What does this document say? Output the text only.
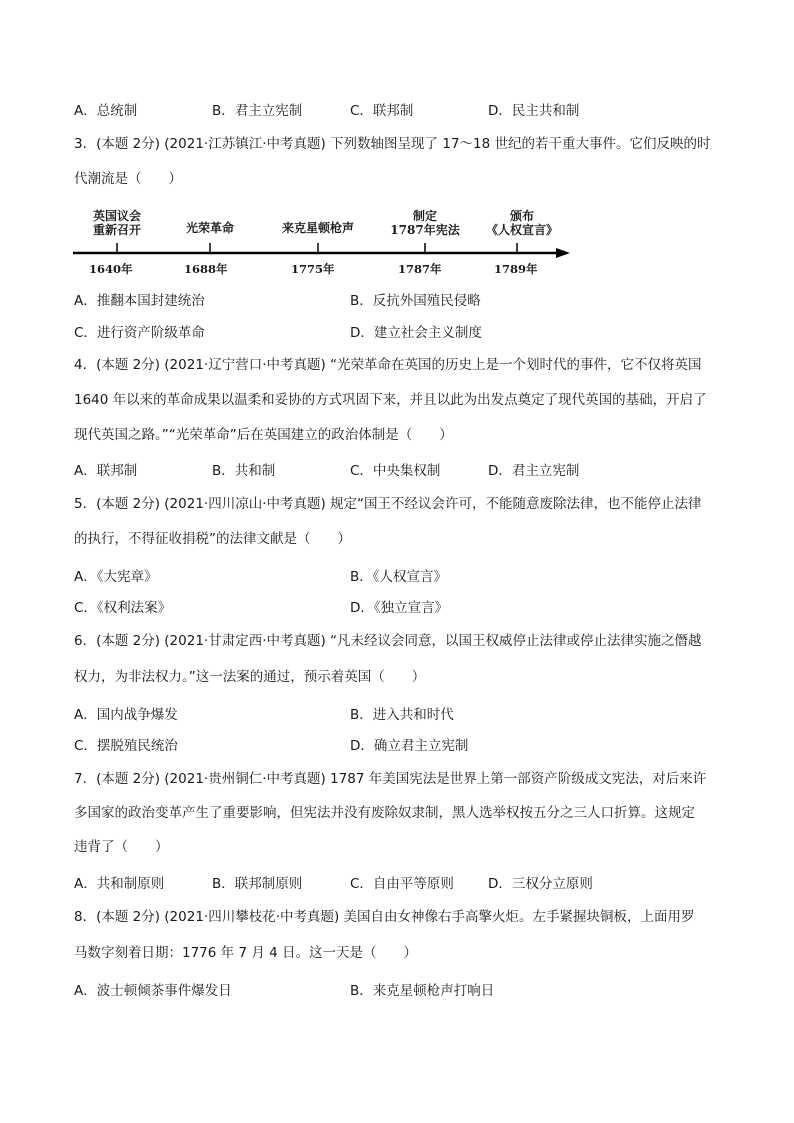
A．总统制	B．君主立宪制	C．联邦制	D．民主共和制
3．(本题 2分) (2021·江苏镇江·中考真题) 下列数轴图呈现了 17～18 世纪的若干重大事件。它们反映的时
代潮流是（　　）
英国议会
重新召开	光荣革命	来克星顿枪声
制定
1787年宪法
颁布
《人权宣言》
1640年	1688年	1775年	1787年	1789年
A．推翻本国封建统治	B．反抗外国殖民侵略
C．进行资产阶级革命	D．建立社会主义制度
4．(本题 2分) (2021·辽宁营口·中考真题) “光荣革命在英国的历史上是一个划时代的事件，它不仅将英国
1640 年以来的革命成果以温柔和妥协的方式巩固下来，并且以此为出发点奠定了现代英国的基础，开启了
现代英国之路。”“光荣革命”后在英国建立的政治体制是（　　）
A．联邦制	B．共和制	C．中央集权制	D．君主立宪制
5．(本题 2分) (2021·四川凉山·中考真题) 规定“国王不经议会许可，不能随意废除法律，也不能停止法律
的执行，不得征收捐税”的法律文献是（　　）
A．《大宪章》	B．《人权宣言》
C．《权利法案》	D．《独立宣言》
6．(本题 2分) (2021·甘肃定西·中考真题) “凡未经议会同意，以国王权威停止法律或停止法律实施之僭越
权力，为非法权力。”这一法案的通过，预示着英国（　　）
A．国内战争爆发	B．进入共和时代
C．摆脱殖民统治	D．确立君主立宪制
7．(本题 2分) (2021·贵州铜仁·中考真题) 1787 年美国宪法是世界上第一部资产阶级成文宪法，对后来许
多国家的政治变革产生了重要影响，但宪法并没有废除奴隶制，黑人选举权按五分之三人口折算。这规定
违背了（　　）
A．共和制原则	B．联邦制原则	C．自由平等原则	D．三权分立原则
8．(本题 2分) (2021·四川攀枝花·中考真题) 美国自由女神像右手高擎火炬。左手紧握块铜板，上面用罗
马数字刻着日期：1776 年 7 月 4 日。这一天是（　　）
A．波士顿倾茶事件爆发日	B．来克星顿枪声打响日
